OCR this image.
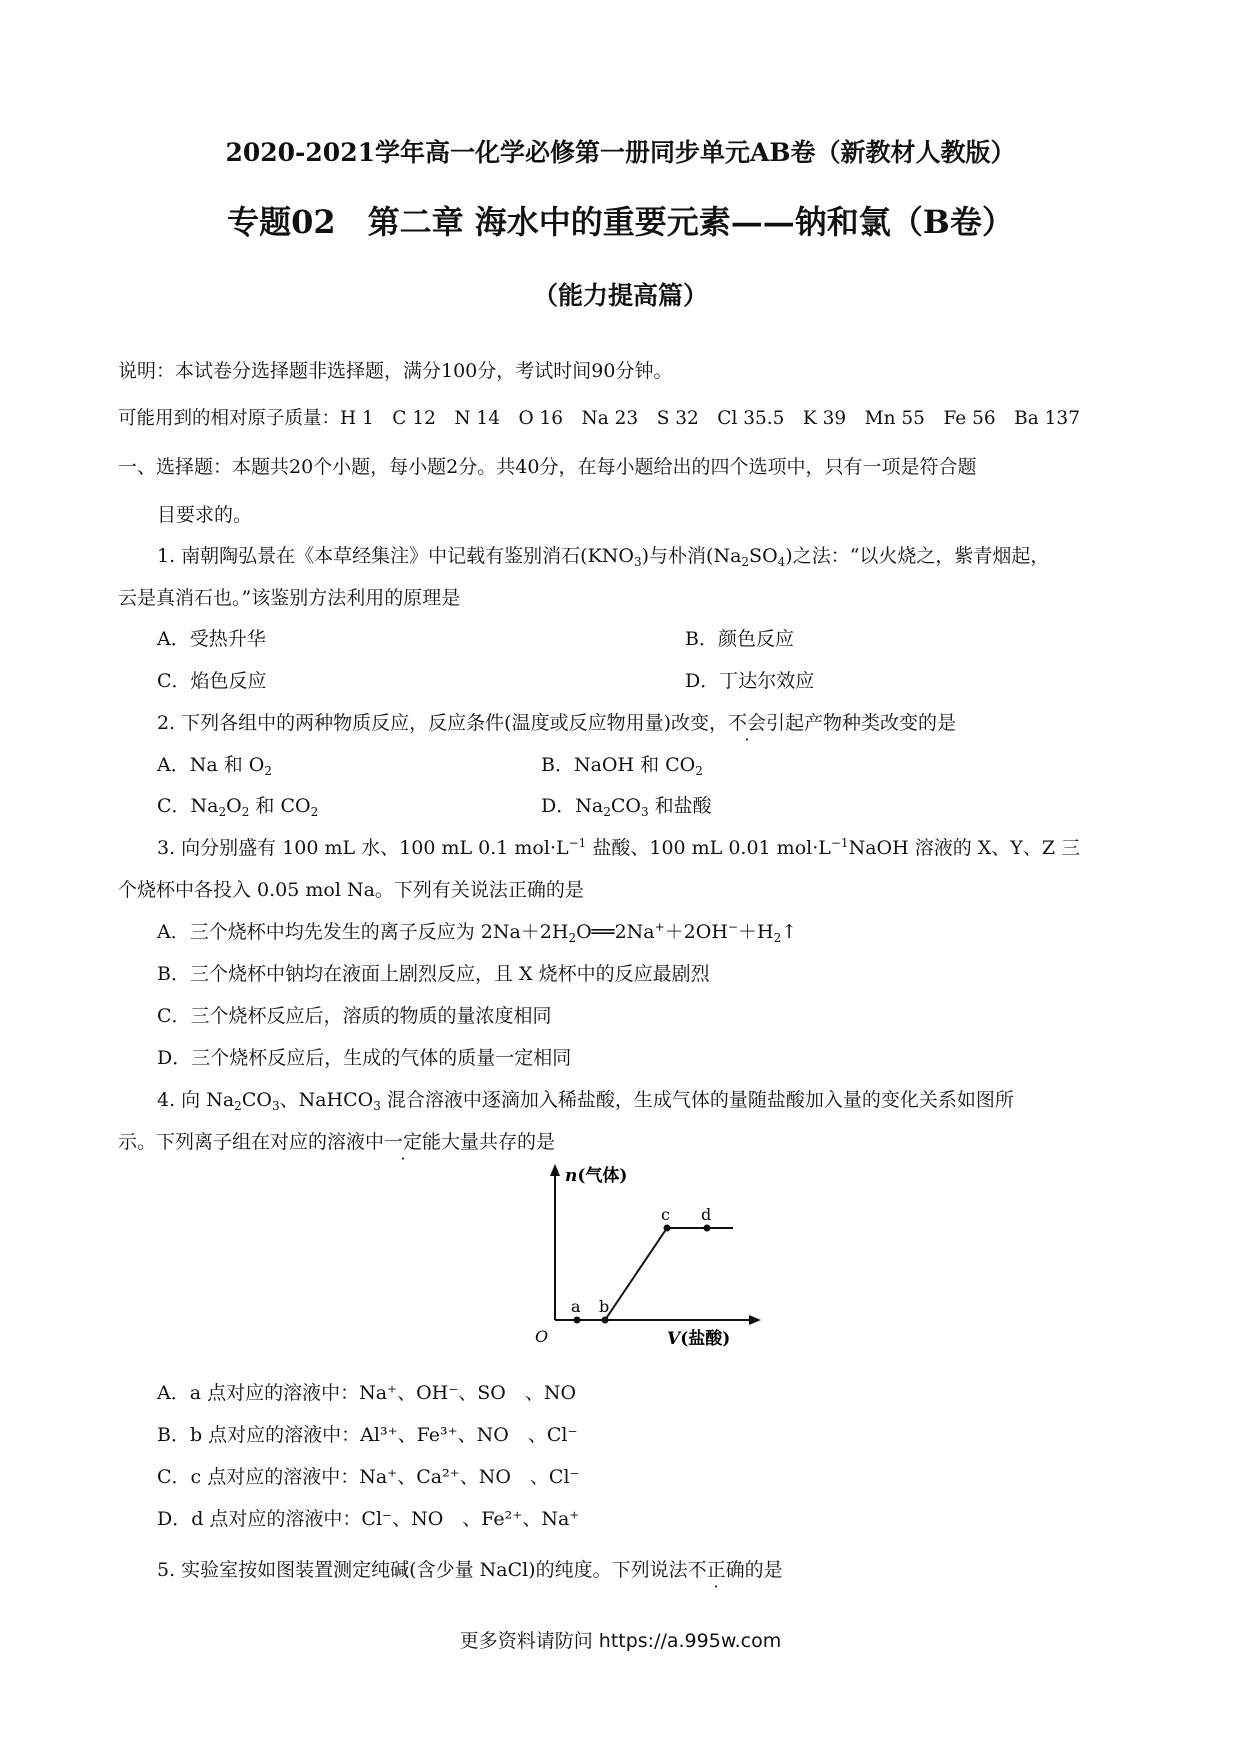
2020-2021学年高一化学必修第一册同步单元AB卷（新教材人教版）
专题02　第二章 海水中的重要元素——钠和氯（B卷）
（能力提高篇）
说明：本试卷分选择题非选择题，满分100分，考试时间90分钟。
可能用到的相对原子质量：H 1　C 12　N 14　O 16　Na 23　S 32　Cl 35.5　K 39　Mn 55　Fe 56　Ba 137
一、选择题：本题共20个小题，每小题2分。共40分，在每小题给出的四个选项中，只有一项是符合题
目要求的。
1. 南朝陶弘景在《本草经集注》中记载有鉴别消石$(KNO_3)$与朴消$(Na_2SO_4)$之法：“以火烧之，紫青烟起，
云是真消石也。”该鉴别方法利用的原理是
A．受热升华	B．颜色反应
C．焰色反应	D．丁达尔效应
2. 下列各组中的两种物质反应，反应条件(温度或反应物用量)改变，不会引起产物种类改变的是
A．Na 和 $O_2$	B．NaOH 和 $CO_2$
C．$Na_2O_2$ 和 $CO_2$	D．$Na_2CO_3$ 和盐酸
3. 向分别盛有 100 mL 水、100 mL 0.1 $mol\cdot L^{-1}$ 盐酸、100 mL 0.01 $mol\cdot L^{-1}NaOH$ 溶液的 X、Y、Z 三
个烧杯中各投入 0.05 mol Na。下列有关说法正确的是
A．三个烧杯中均先发生的离子反应为 $2Na+2H_2O══2Na^++2OH^-+H_2↑$
B．三个烧杯中钠均在液面上剧烈反应，且 X 烧杯中的反应最剧烈
C．三个烧杯反应后，溶质的物质的量浓度相同
D．三个烧杯反应后，生成的气体的质量一定相同
4. 向 $Na_2CO_3$、NaHCO$_3$ 混合溶液中逐滴加入稀盐酸，生成气体的量随盐酸加入量的变化关系如图所
示。下列离子组在对应的溶液中一定能大量共存的是
n(气体)
V(盐酸)
O
a b
c d
A．a 点对应的溶液中：Na⁺、OH⁻、SO　、NO
B．b 点对应的溶液中：Al³⁺、Fe³⁺、NO　、Cl⁻
C．c 点对应的溶液中：Na⁺、Ca²⁺、NO　、Cl⁻
D．d 点对应的溶液中：Cl⁻、NO　、Fe²⁺、Na⁺
5. 实验室按如图装置测定纯碱(含少量 NaCl)的纯度。下列说法不正确的是
更多资料请防问 https://a.995w.com
